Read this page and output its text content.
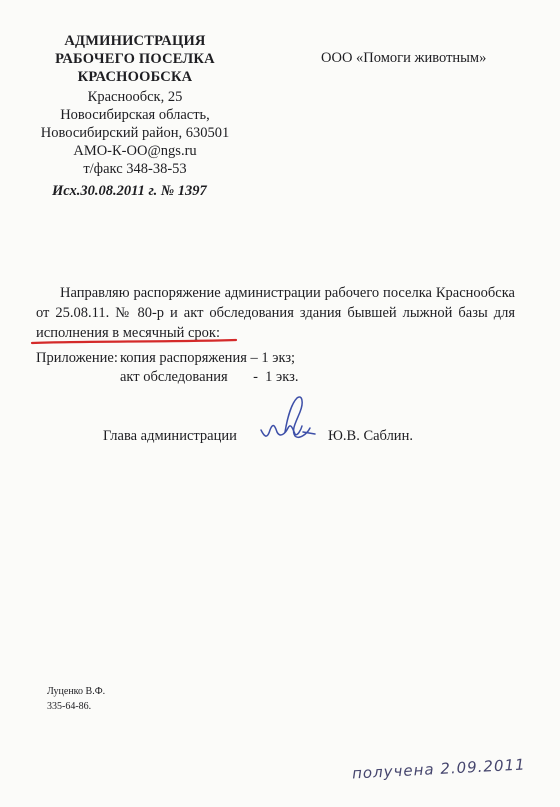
АДМИНИСТРАЦИЯ
РАБОЧЕГО ПОСЕЛКА
КРАСНООБСКА
Краснообск, 25
Новосибирская область,
Новосибирский район, 630501
АМО-К-ОО@ngs.ru
т/факс 348-38-53
ООО «Помоги животным»
Исх.30.08.2011 г. № 1397
Направляю распоряжение администрации рабочего поселка Краснообска
от 25.08.11. № 80-р и акт обследования здания бывшей лыжной базы для
исполнения в месячный срок:
Приложение: копия распоряжения – 1 экз;
акт обследования       -  1 экз.
Глава администрации	Ю.В. Саблин.
Луценко В.Ф.
335-64-86.
получена 2.09.2011
